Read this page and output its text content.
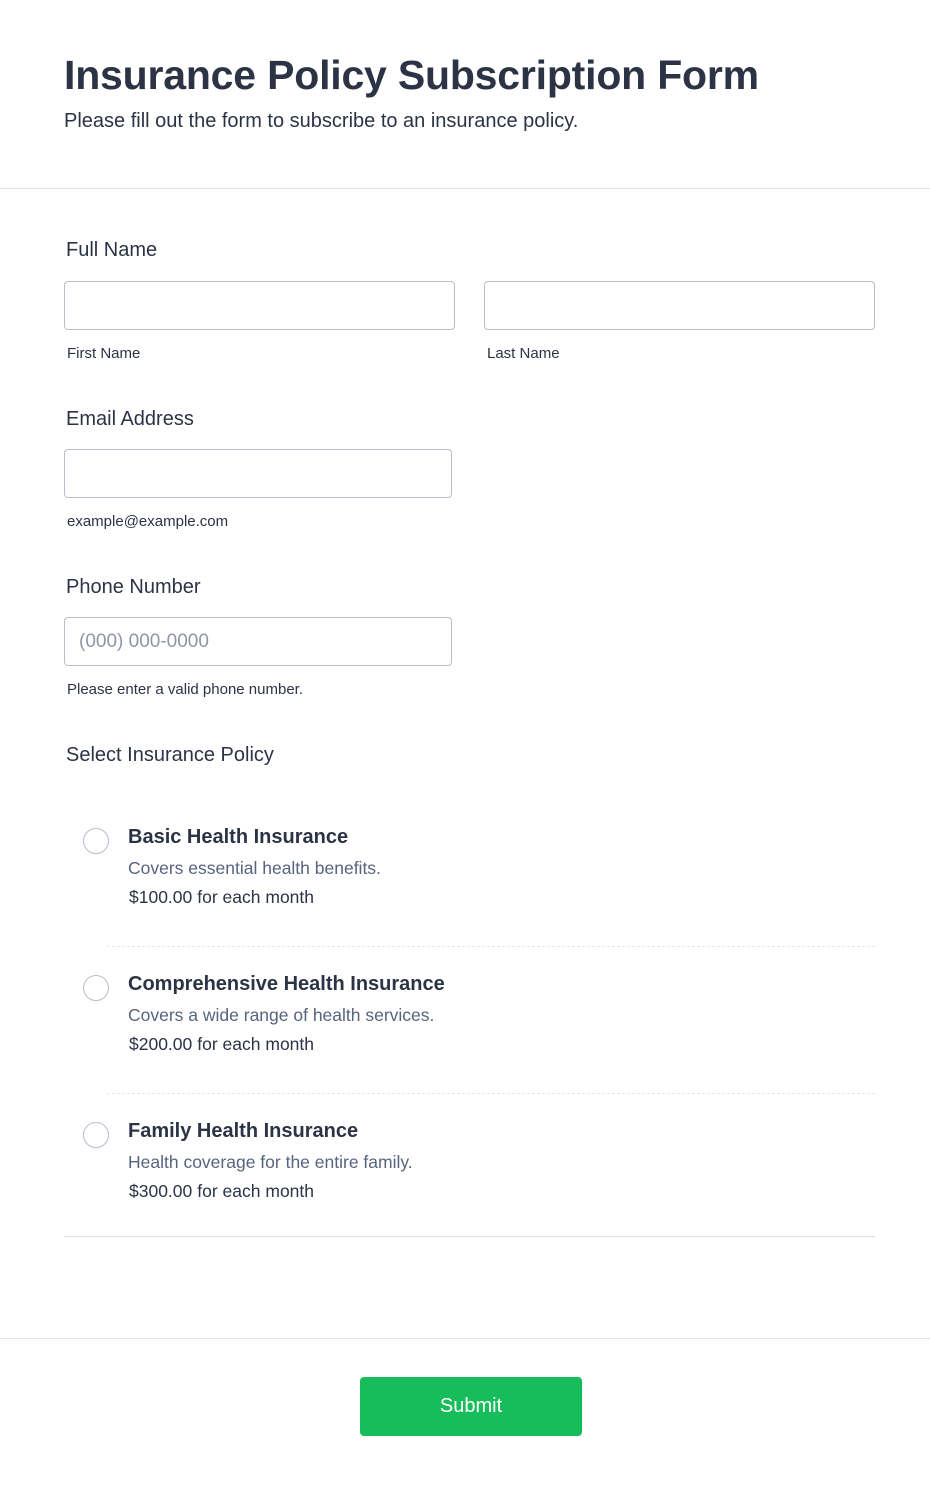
Insurance Policy Subscription Form
Please fill out the form to subscribe to an insurance policy.
Full Name
First Name	Last Name
Email Address
example@example.com
Phone Number
(000) 000-0000
Please enter a valid phone number.
Select Insurance Policy
Basic Health Insurance
Covers essential health benefits.
$100.00 for each month
Comprehensive Health Insurance
Covers a wide range of health services.
$200.00 for each month
Family Health Insurance
Health coverage for the entire family.
$300.00 for each month
Submit
